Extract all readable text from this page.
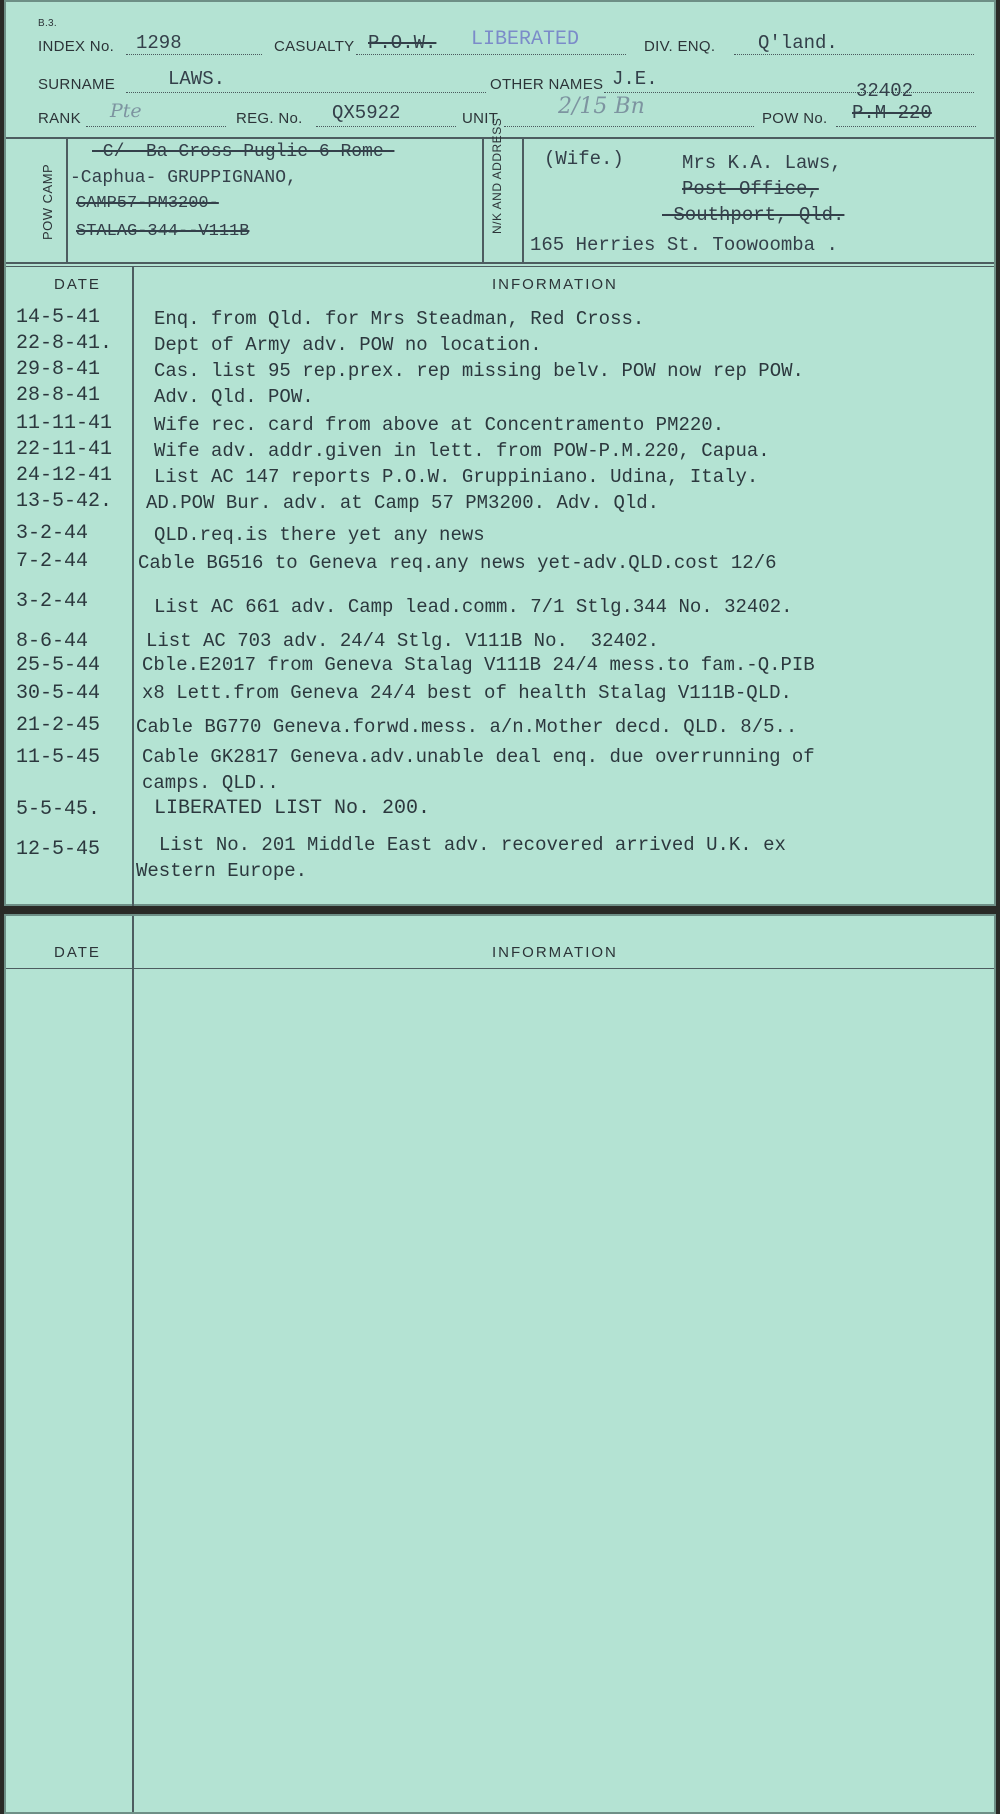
B.3.
INDEX No. 1298	CASUALTY P.O.W. LIBERATED	DIV. ENQ. Q'land.
SURNAME	LAWS.	OTHER NAMES J.E.
RANK Pte	REG. No. QX5922	UNIT	2/15 Bn	POW No.
32402
P.M-220
POW CAMP
-C/--Ba-Cross-Puglie-6-Rome-
-Caphua- GRUPPIGNANO,
CAMP57-PM3200-
STALAG-344--V111B	N/K AND ADDRESS (Wife.)	Mrs K.A. Laws,
Post Office,
-Southport,-Qld.
165 Herries St. Toowoomba .
DATE	INFORMATION
14-5-41	Enq. from Qld. for Mrs Steadman, Red Cross.
22-8-41.	Dept of Army adv. POW no location.
29-8-41	Cas. list 95 rep.prex. rep missing belv. POW now rep POW.
28-8-41	Adv. Qld. POW.
11-11-41	Wife rec. card from above at Concentramento PM220.
22-11-41	Wife adv. addr.given in lett. from POW-P.M.220, Capua.
24-12-41	List AC 147 reports P.O.W. Gruppiniano. Udina, Italy.
13-5-42.	AD.POW Bur. adv. at Camp 57 PM3200. Adv. Qld.
3-2-44	QLD.req.is there yet any news
7-2-44	Cable BG516 to Geneva req.any news yet-adv.QLD.cost 12/6
3-2-44	List AC 661 adv. Camp lead.comm. 7/1 Stlg.344 No. 32402.
8-6-44	List AC 703 adv. 24/4 Stlg. V111B No.  32402.
25-5-44	Cble.E2017 from Geneva Stalag V111B 24/4 mess.to fam.-Q.PIB
30-5-44	x8 Lett.from Geneva 24/4 best of health Stalag V111B-QLD.
21-2-45	Cable BG770 Geneva.forwd.mess. a/n.Mother decd. QLD. 8/5..
11-5-45	Cable GK2817 Geneva.adv.unable deal enq. due overrunning of
camps. QLD..
5-5-45.	LIBERATED LIST No. 200.
12-5-45	List No. 201 Middle East adv. recovered arrived U.K. ex
Western Europe.
DATE	INFORMATION
